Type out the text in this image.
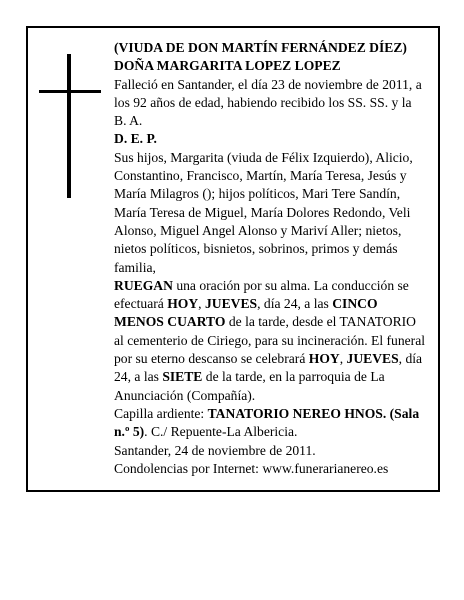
(VIUDA DE DON MARTÍN FERNÁNDEZ DÍEZ)

DOÑA MARGARITA LOPEZ LOPEZ

Falleció en Santander, el día 23 de noviembre de 2011, a los 92 años de edad, habiendo recibido los SS. SS. y la B. A.

D. E. P.

Sus hijos, Margarita (viuda de Félix Izquierdo), Alicio, Constantino, Francisco, Martín, María Teresa, Jesús y María Milagros (); hijos políticos, Mari Tere Sandín, María Teresa de Miguel, María Dolores Redondo, Veli Alonso, Miguel Angel Alonso y Mariví Aller; nietos, nietos políticos, bisnietos, sobrinos, primos y demás familia,

RUEGAN una oración por su alma. La conducción se efectuará HOY, JUEVES, día 24, a las CINCO MENOS CUARTO de la tarde, desde el TANATORIO al cementerio de Ciriego, para su incineración. El funeral por su eterno descanso se celebrará HOY, JUEVES, día 24, a las SIETE de la tarde, en la parroquia de La Anunciación (Compañía).

Capilla ardiente: TANATORIO NEREO HNOS. (Sala n.º 5). C./ Repuente-La Albericia.

Santander, 24 de noviembre de 2011.

Condolencias por Internet: www.funerarianereo.es
